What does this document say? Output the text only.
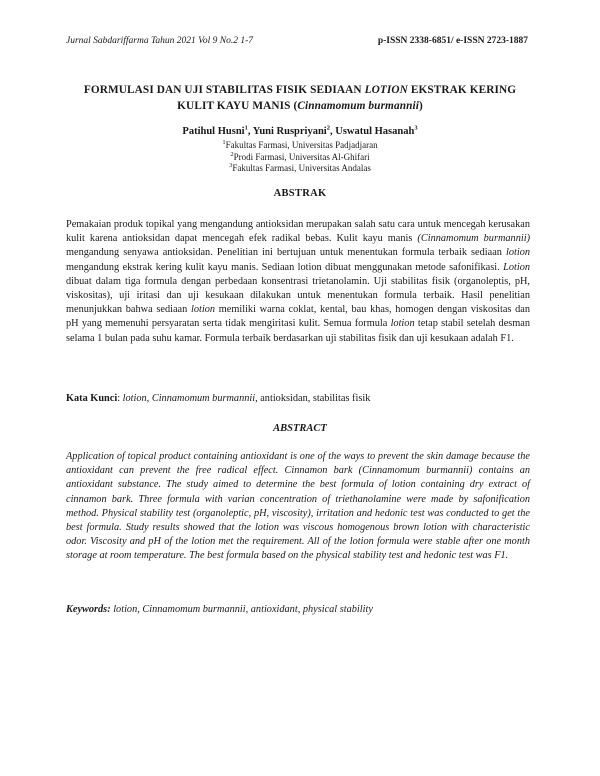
Jurnal Sabdariffarma Tahun 2021 Vol 9 No.2 1-7	p-ISSN 2338-6851/ e-ISSN 2723-1887
FORMULASI DAN UJI STABILITAS FISIK SEDIAAN LOTION EKSTRAK KERING KULIT KAYU MANIS (Cinnamomum burmannii)
Patihul Husni$^1$, Yuni Ruspriyani$^2$, Uswatul Hasanah$^3$
$^1$Fakultas Farmasi, Universitas Padjadjaran
$^2$Prodi Farmasi, Universitas Al-Ghifari
$^3$Fakultas Farmasi, Universitas Andalas
ABSTRAK

Pemakaian produk topikal yang mengandung antioksidan merupakan salah satu cara untuk mencegah kerusakan kulit karena antioksidan dapat mencegah efek radikal bebas. Kulit kayu manis (Cinnamomum burmannii) mengandung senyawa antioksidan. Penelitian ini bertujuan untuk menentukan formula terbaik sediaan lotion mengandung ekstrak kering kulit kayu manis. Sediaan lotion dibuat menggunakan metode safonifikasi. Lotion dibuat dalam tiga formula dengan perbedaan konsentrasi trietanolamin. Uji stabilitas fisik (organoleptis, pH, viskositas), uji iritasi dan uji kesukaan dilakukan untuk menentukan formula terbaik. Hasil penelitian menunjukkan bahwa sediaan lotion memiliki warna coklat, kental, bau khas, homogen dengan viskositas dan pH yang memenuhi persyaratan serta tidak mengiritasi kulit. Semua formula lotion tetap stabil setelah desman selama 1 bulan pada suhu kamar. Formula terbaik berdasarkan uji stabilitas fisik dan uji kesukaan adalah F1.

Kata Kunci: lotion, Cinnamomum burmannii, antioksidan, stabilitas fisik
ABSTRACT

Application of topical product containing antioxidant is one of the ways to prevent the skin damage because the antioxidant can prevent the free radical effect. Cinnamon bark (Cinnamomum burmannii) contains an antioxidant substance. The study aimed to determine the best formula of lotion containing dry extract of cinnamon bark. Three formula with varian concentration of triethanolamine were made by safonification method. Physical stability test (organoleptic, pH, viscosity), irritation and hedonic test was conducted to get the best formula. Study results showed that the lotion was viscous homogenous brown lotion with characteristic odor. Viscosity and pH of the lotion met the requirement. All of the lotion formula were stable after one month storage at room temperature. The best formula based on the physical stability test and hedonic test was F1.

Keywords: lotion, Cinnamomum burmannii, antioxidant, physical stability
